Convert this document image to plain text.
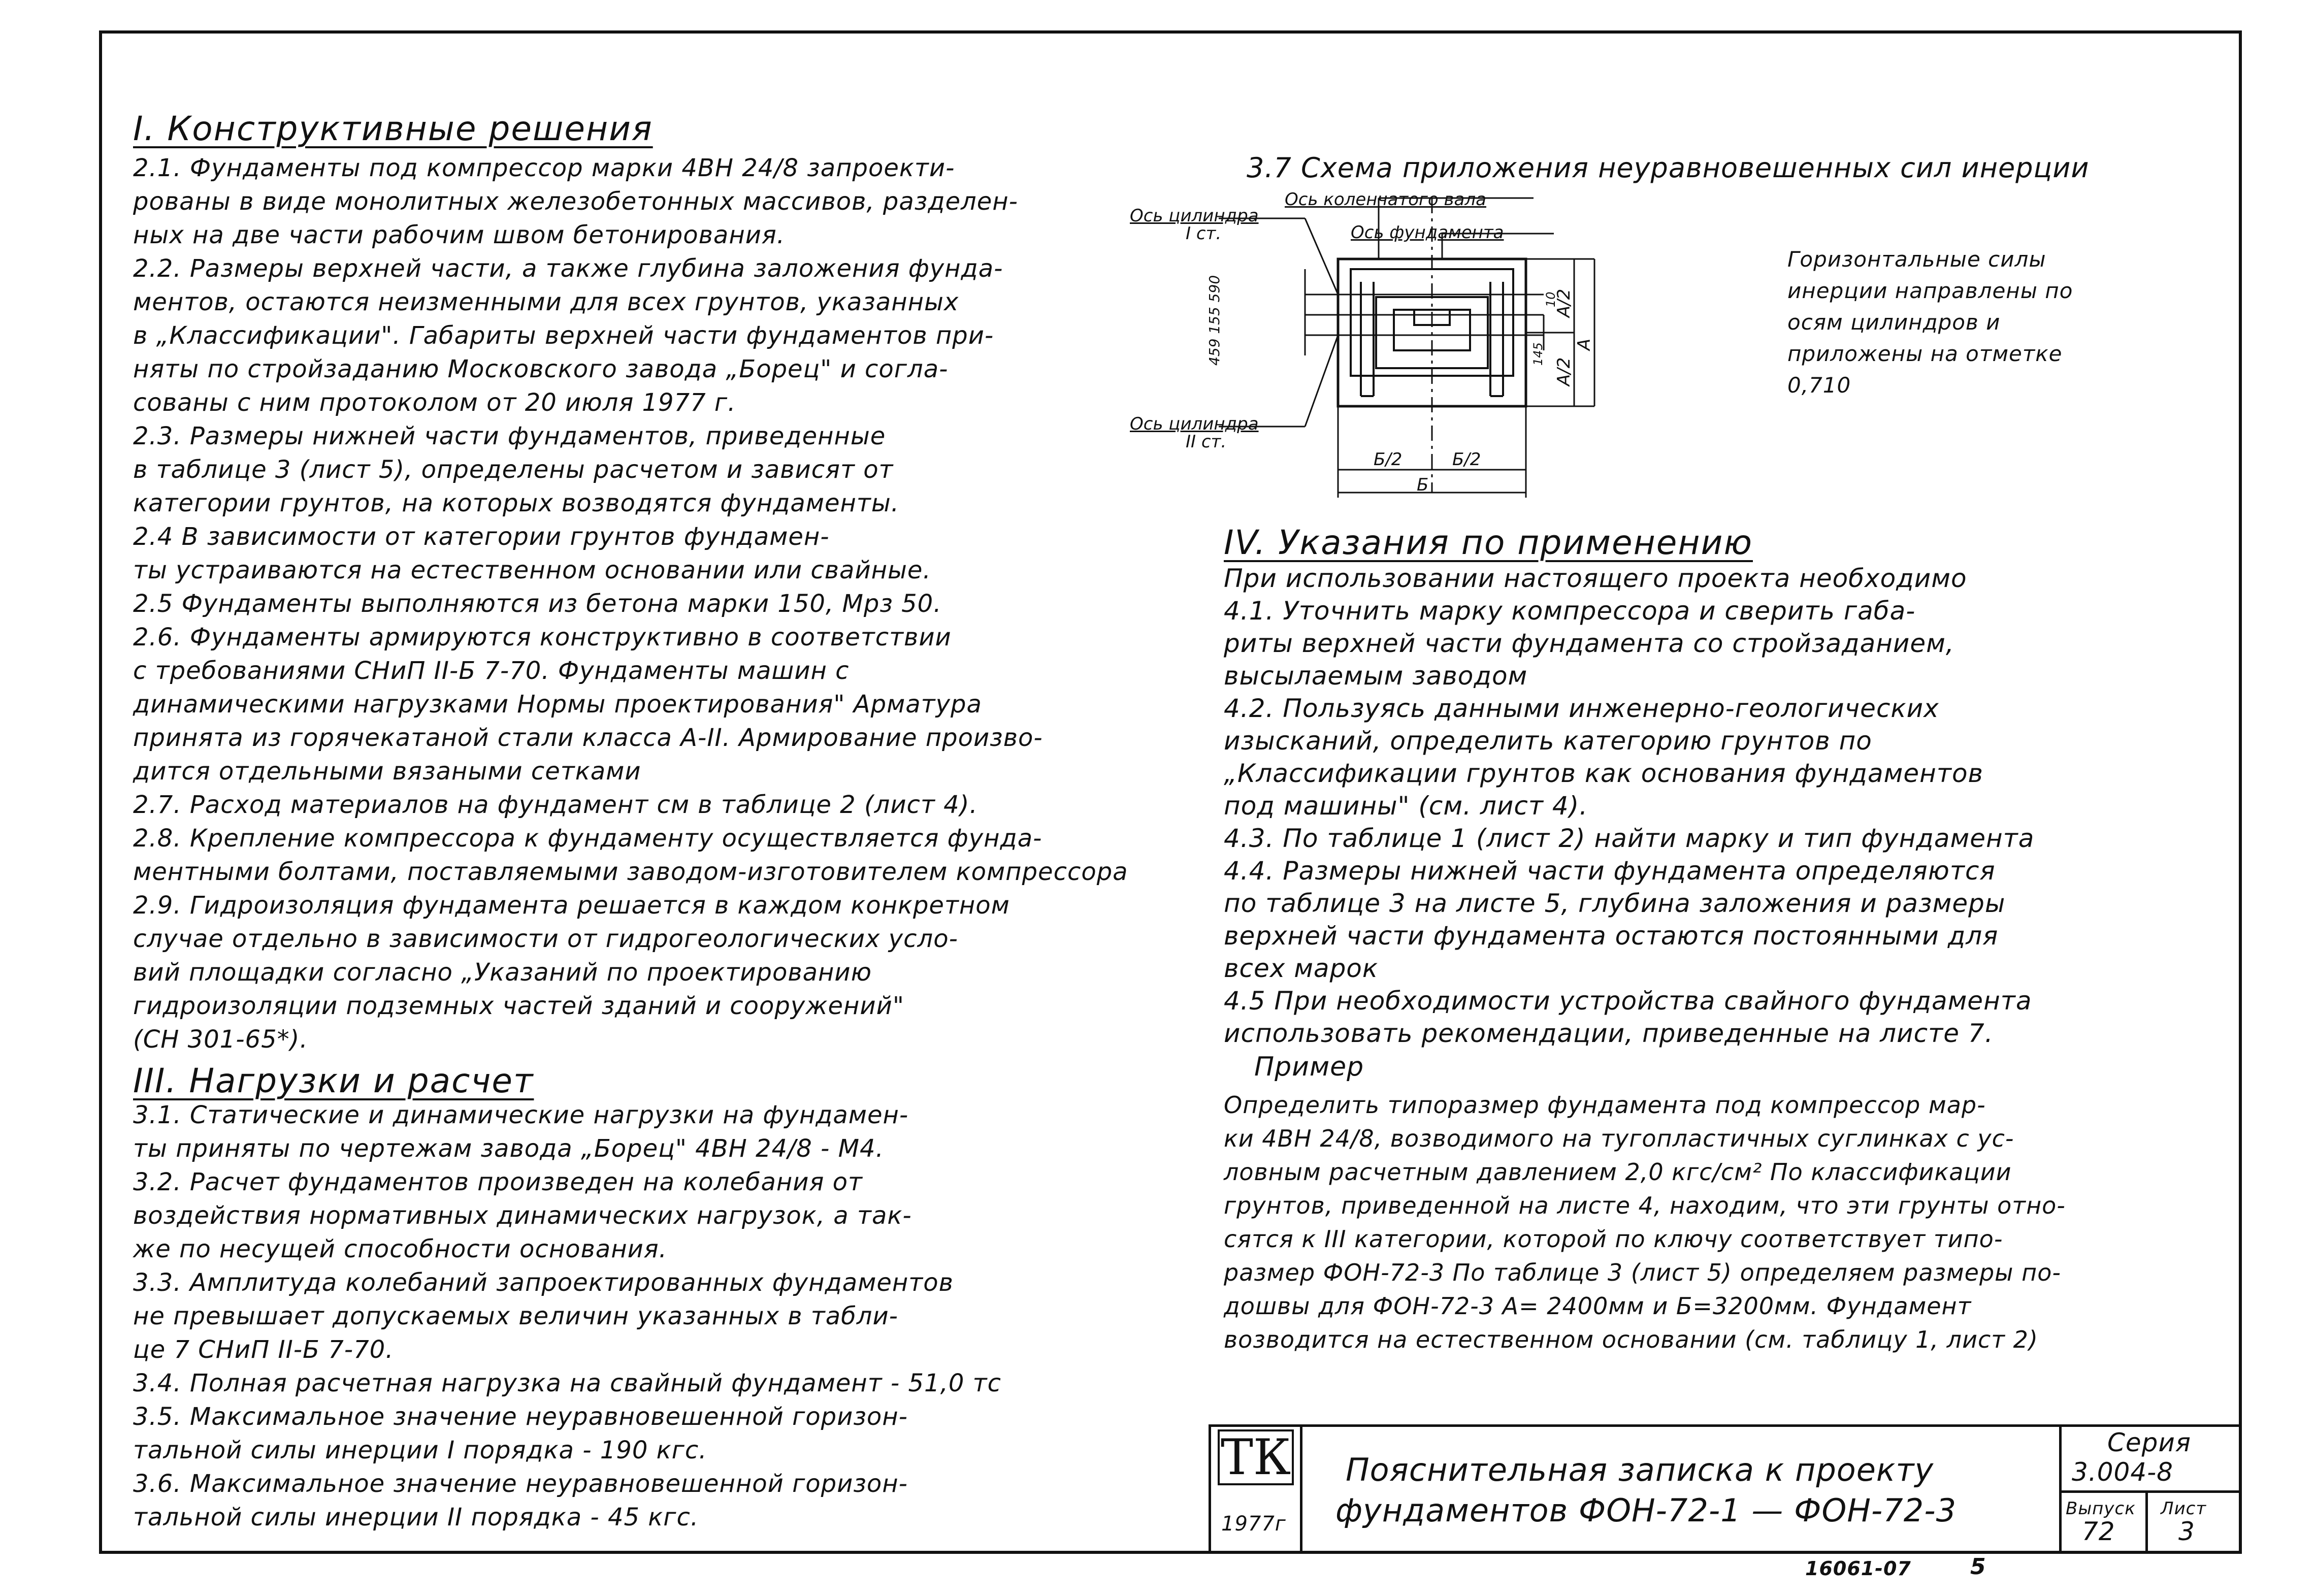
I. Конструктивные решения
2.1. Фундаменты под компрессор марки 4ВН 24/8 запроекти-
рованы в виде монолитных железобетонных массивов, разделен-
ных на две части рабочим швом бетонирования.
2.2. Размеры верхней части, а также глубина заложения фунда-
ментов, остаются неизменными для всех грунтов, указанных
в „Классификации". Габариты верхней части фундаментов при-
няты по стройзаданию Московского завода „Борец" и согла-
сованы с ним протоколом от 20 июля 1977 г.
2.3. Размеры нижней части фундаментов, приведенные
в таблице 3 (лист 5), определены расчетом и зависят от
категории грунтов, на которых возводятся фундаменты.
2.4 В зависимости от категории грунтов фундамен-
ты устраиваются на естественном основании или свайные.
2.5 Фундаменты выполняются из бетона марки 150, Мрз 50.
2.6. Фундаменты армируются конструктивно в соответствии
с требованиями СНиП II-Б 7-70. Фундаменты машин с
динамическими нагрузками Нормы проектирования" Арматура
принята из горячекатаной стали класса A-II. Армирование произво-
дится отдельными вязаными сетками
2.7. Расход материалов на фундамент см в таблице 2 (лист 4).
2.8. Крепление компрессора к фундаменту осуществляется фунда-
ментными болтами, поставляемыми заводом-изготовителем компрессора
2.9. Гидроизоляция фундамента решается в каждом конкретном
случае отдельно в зависимости от гидрогеологических усло-
вий площадки согласно „Указаний по проектированию
гидроизоляции подземных частей зданий и сооружений"
(СН 301-65*).
III. Нагрузки и расчет
3.1. Статические и динамические нагрузки на фундамен-
ты приняты по чертежам завода „Борец" 4ВН 24/8 - М4.
3.2. Расчет фундаментов произведен на колебания от
воздействия нормативных динамических нагрузок, а так-
же по несущей способности основания.
3.3. Амплитуда колебаний запроектированных фундаментов
не превышает допускаемых величин указанных в табли-
це 7 СНиП II-Б 7-70.
3.4. Полная расчетная нагрузка на свайный фундамент - 51,0 тс
3.5. Максимальное значение неуравновешенной горизон-
тальной силы инерции I порядка - 190 кгс.
3.6. Максимальное значение неуравновешенной горизон-
тальной силы инерции II порядка - 45 кгс.
3.7 Схема приложения неуравновешенных сил инерции
Ось коленчатого вала
Ось фундамента
Ось цилиндра
I ст.
Ось цилиндра
II ст.
459 155 590	10
145
A/2
A/2
A
Б/2	Б/2
Б
Горизонтальные силы
инерции направлены по
осям цилиндров и
приложены на отметке
0,710
IV. Указания по применению
При использовании настоящего проекта необходимо
4.1. Уточнить марку компрессора и сверить габа-
риты верхней части фундамента со стройзаданием,
высылаемым заводом
4.2. Пользуясь данными инженерно-геологических
изысканий, определить категорию грунтов по
„Классификации грунтов как основания фундаментов
под машины" (см. лист 4).
4.3. По таблице 1 (лист 2) найти марку и тип фундамента
4.4. Размеры нижней части фундамента определяются
по таблице 3 на листе 5, глубина заложения и размеры
верхней части фундамента остаются постоянными для
всех марок
4.5 При необходимости устройства свайного фундамента
использовать рекомендации, приведенные на листе 7.
Пример
Определить типоразмер фундамента под компрессор мар-
ки 4ВН 24/8, возводимого на тугопластичных суглинках с ус-
ловным расчетным давлением 2,0 кгс/см² По классификации
грунтов, приведенной на листе 4, находим, что эти грунты отно-
сятся к III категории, которой по ключу соответствует типо-
размер ФОН-72-3 По таблице 3 (лист 5) определяем размеры по-
дошвы для ФОН-72-3 А= 2400мм и Б=3200мм. Фундамент
возводится на естественном основании (см. таблицу 1, лист 2)
ТК
1977г
Пояснительная записка к проекту
фундаментов ФОН-72-1 — ФОН-72-3
Серия
3.004-8
Выпуск
72
Лист
3
16061-07	5
